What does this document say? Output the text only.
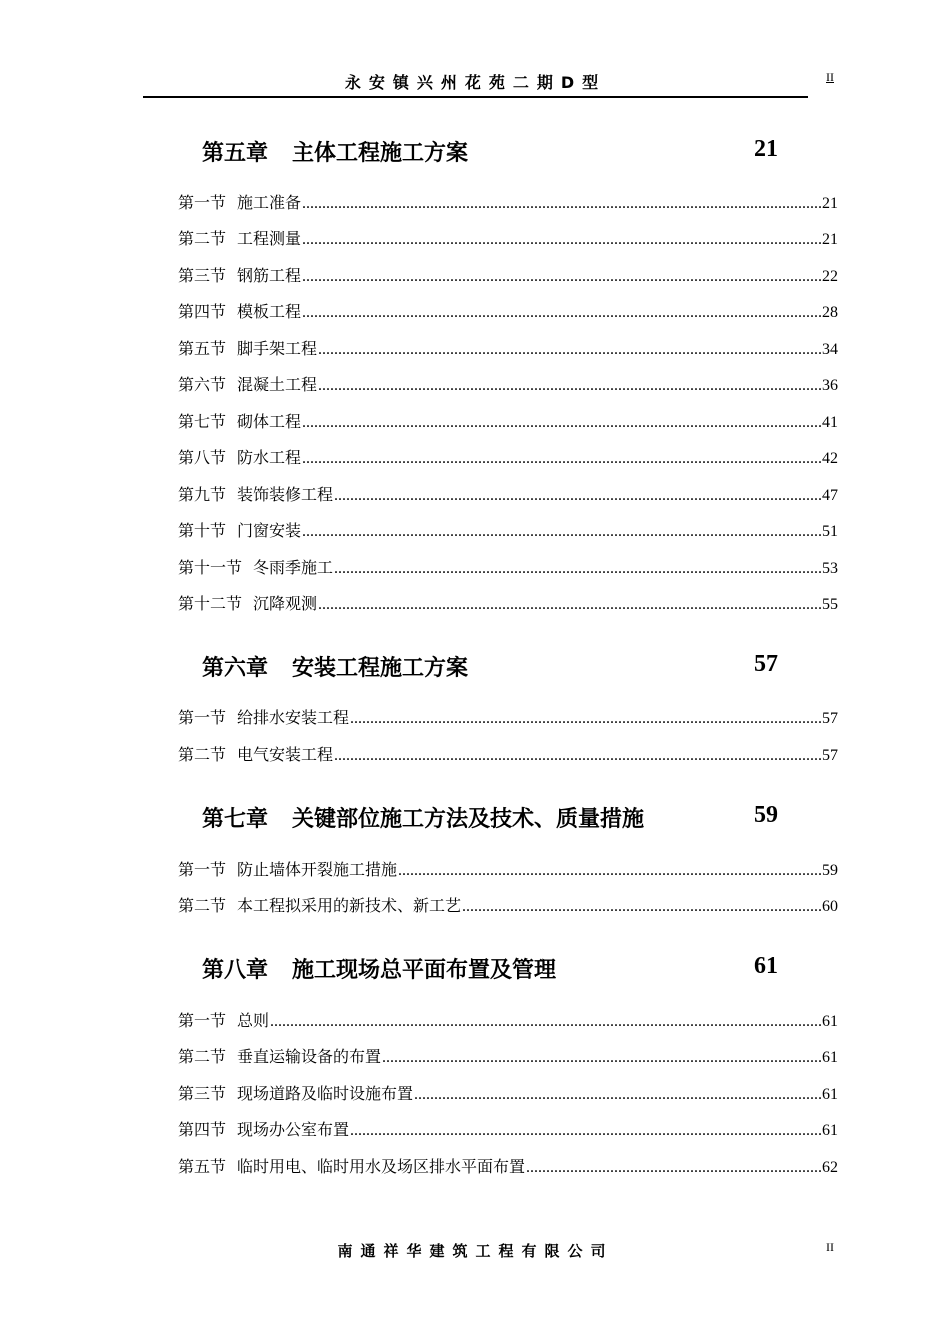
永安镇兴州花苑二期D型	II
第五章 主体工程施工方案	21
第一节 施工准备 .....	21
第二节 工程测量 .....	21
第三节 钢筋工程 .....	22
第四节 模板工程 .....	28
第五节 脚手架工程 .....	34
第六节 混凝土工程 .....	36
第七节 砌体工程 .....	41
第八节 防水工程 .....	42
第九节 装饰装修工程 .....	47
第十节 门窗安装 .....	51
第十一节 冬雨季施工 .....	53
第十二节 沉降观测 .....	55
第六章 安装工程施工方案	57
第一节 给排水安装工程 .....	57
第二节 电气安装工程 .....	57
第七章 关键部位施工方法及技术、质量措施	59
第一节 防止墙体开裂施工措施 .....	59
第二节 本工程拟采用的新技术、新工艺 .....	60
第八章 施工现场总平面布置及管理	61
第一节 总则 .....	61
第二节 垂直运输设备的布置 .....	61
第三节 现场道路及临时设施布置 .....	61
第四节 现场办公室布置 .....	61
第五节 临时用电、临时用水及场区排水平面布置 .....	62
南通祥华建筑工程有限公司	II
